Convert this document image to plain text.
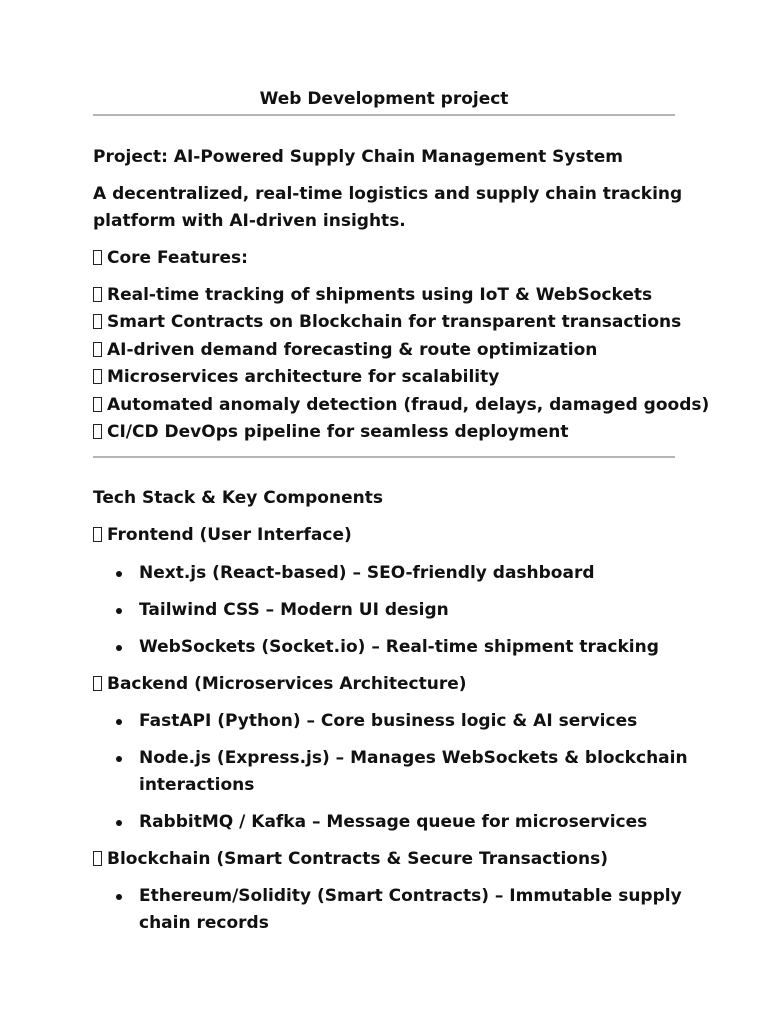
Web Development project
Project: AI-Powered Supply Chain Management System
A decentralized, real-time logistics and supply chain tracking
platform with AI-driven insights.
Core Features:
Real-time tracking of shipments using IoT & WebSockets
Smart Contracts on Blockchain for transparent transactions
AI-driven demand forecasting & route optimization
Microservices architecture for scalability
Automated anomaly detection (fraud, delays, damaged goods)
CI/CD DevOps pipeline for seamless deployment
Tech Stack & Key Components
Frontend (User Interface)
Next.js (React-based) – SEO-friendly dashboard
Tailwind CSS – Modern UI design
WebSockets (Socket.io) – Real-time shipment tracking
Backend (Microservices Architecture)
FastAPI (Python) – Core business logic & AI services
Node.js (Express.js) – Manages WebSockets & blockchain
interactions
RabbitMQ / Kafka – Message queue for microservices
Blockchain (Smart Contracts & Secure Transactions)
Ethereum/Solidity (Smart Contracts) – Immutable supply
chain records
